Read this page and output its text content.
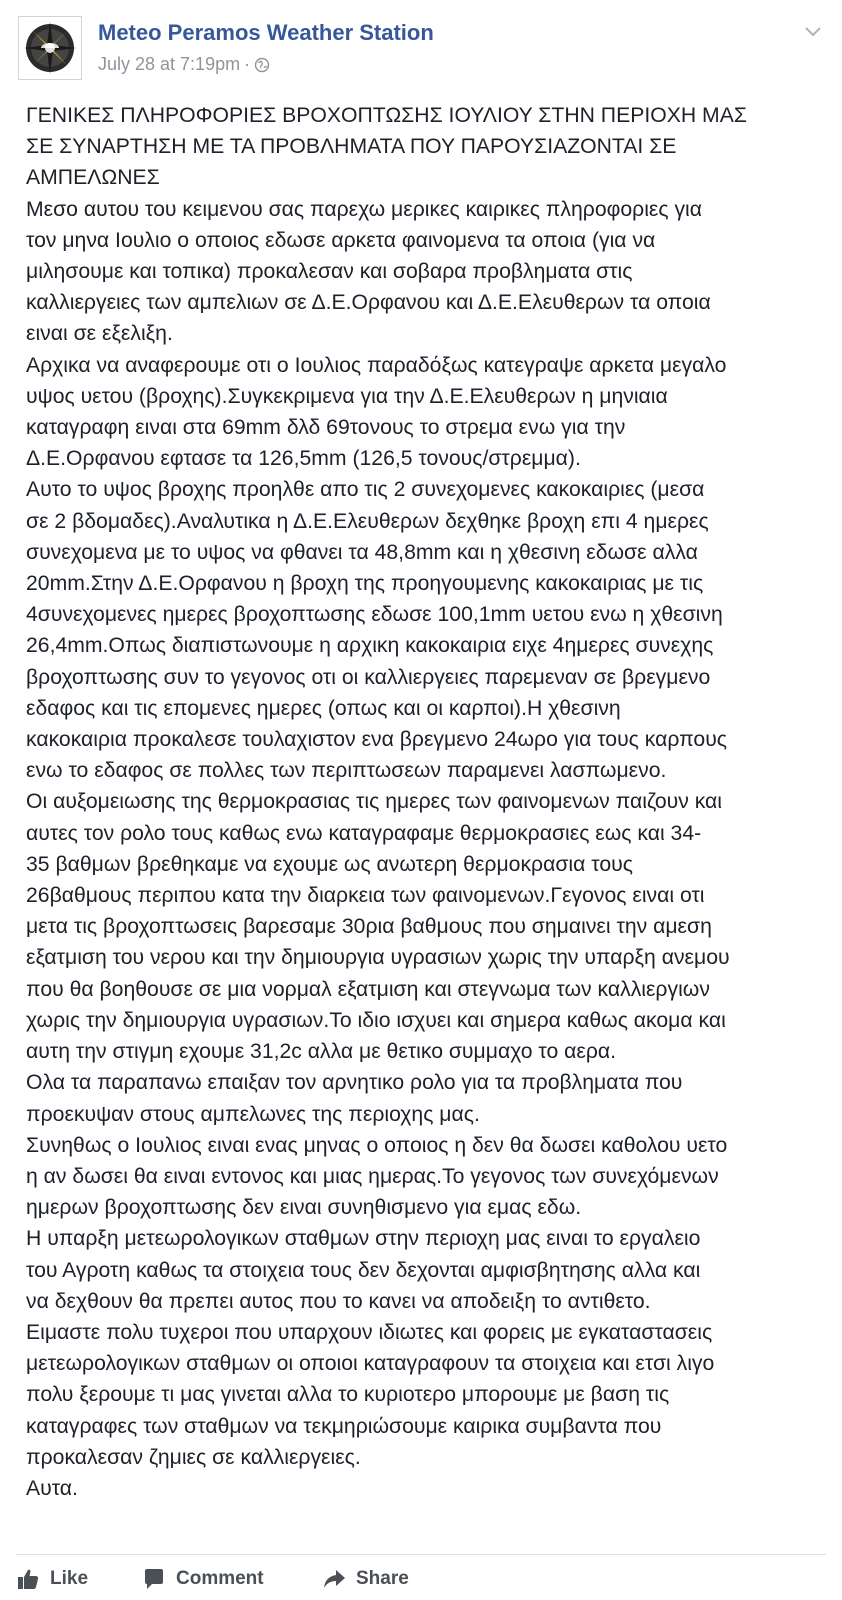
Meteo Peramos Weather Station
July 28 at 7:19pm ·

ΓΕΝΙΚΕΣ ΠΛΗΡΟΦΟΡΙΕΣ ΒΡΟΧΟΠΤΩΣΗΣ ΙΟΥΛΙΟΥ ΣΤΗΝ ΠΕΡΙΟΧΗ ΜΑΣ

ΣΕ ΣΥΝΑΡΤΗΣΗ ΜΕ ΤΑ ΠΡΟΒΛΗΜΑΤΑ ΠΟΥ ΠΑΡΟΥΣΙΑΖΟΝΤΑΙ ΣΕ

ΑΜΠΕΛΩΝΕΣ

Μεσο αυτου του κειμενου σας παρεχω μερικες καιρικες πληροφοριες για

τον μηνα Ιουλιο ο οποιος εδωσε αρκετα φαινομενα τα οποια (για να

μιλησουμε και τοπικα) προκαλεσαν και σοβαρα προβληματα στις

καλλιεργειες των αμπελιων σε Δ.Ε.Ορφανου και Δ.Ε.Ελευθερων τα οποια

ειναι σε εξελιξη.

Αρχικα να αναφερουμε οτι ο Ιουλιος παραδόξως κατεγραψε αρκετα μεγαλο

υψος υετου (βροχης).Συγκεκριμενα για την Δ.Ε.Ελευθερων η μηνιαια

καταγραφη ειναι στα 69mm δλδ 69τονους το στρεμα ενω για την

Δ.Ε.Ορφανου εφτασε τα 126,5mm (126,5 τονους/στρεμμα).

Αυτο το υψος βροχης προηλθε απο τις 2 συνεχομενες κακοκαιριες (μεσα

σε 2 βδομαδες).Αναλυτικα η Δ.Ε.Ελευθερων δεχθηκε βροχη επι 4 ημερες

συνεχομενα με το υψος να φθανει τα 48,8mm και η χθεσινη εδωσε αλλα

20mm.Στην Δ.Ε.Ορφανου η βροχη της προηγουμενης κακοκαιριας με τις

4συνεχομενες ημερες βροχοπτωσης εδωσε 100,1mm υετου ενω η χθεσινη

26,4mm.Οπως διαπιστωνουμε η αρχικη κακοκαιρια ειχε 4ημερες συνεχης

βροχοπτωσης συν το γεγονος οτι οι καλλιεργειες παρεμεναν σε βρεγμενο

εδαφος και τις επομενες ημερες (οπως και οι καρποι).Η χθεσινη

κακοκαιρια προκαλεσε τουλαχιστον ενα βρεγμενο 24ωρο για τους καρπους

ενω το εδαφος σε πολλες των περιπτωσεων παραμενει λασπωμενο.

Οι αυξομειωσης της θερμοκρασιας τις ημερες των φαινομενων παιζουν και

αυτες τον ρολο τους καθως ενω καταγραφαμε θερμοκρασιες εως και 34-

35 βαθμων βρεθηκαμε να εχουμε ως ανωτερη θερμοκρασια τους

26βαθμους περιπου κατα την διαρκεια των φαινομενων.Γεγονος ειναι οτι

μετα τις βροχοπτωσεις βαρεσαμε 30ρια βαθμους που σημαινει την αμεση

εξατμιση του νερου και την δημιουργια υγρασιων χωρις την υπαρξη ανεμου

που θα βοηθουσε σε μια νορμαλ εξατμιση και στεγνωμα των καλλιεργιων

χωρις την δημιουργια υγρασιων.Το ιδιο ισχυει και σημερα καθως ακομα και

αυτη την στιγμη εχουμε 31,2c αλλα με θετικο συμμαχο το αερα.

Ολα τα παραπανω επαιξαν τον αρνητικο ρολο για τα προβληματα που

προεκυψαν στους αμπελωνες της περιοχης μας.

Συνηθως ο Ιουλιος ειναι ενας μηνας ο οποιος η δεν θα δωσει καθολου υετο

η αν δωσει θα ειναι εντονος και μιας ημερας.Το γεγονος των συνεχόμενων

ημερων βροχοπτωσης δεν ειναι συνηθισμενο για εμας εδω.

Η υπαρξη μετεωρολογικων σταθμων στην περιοχη μας ειναι το εργαλειο

του Αγροτη καθως τα στοιχεια τους δεν δεχονται αμφισβητησης αλλα και

να δεχθουν θα πρεπει αυτος που το κανει να αποδειξη το αντιθετο.

Ειμαστε πολυ τυχεροι που υπαρχουν ιδιωτες και φορεις με εγκαταστασεις

μετεωρολογικων σταθμων οι οποιοι καταγραφουν τα στοιχεια και ετσι λιγο

πολυ ξερουμε τι μας γινεται αλλα το κυριοτερο μπορουμε με βαση τις

καταγραφες των σταθμων να τεκμηριώσουμε καιρικα συμβαντα που

προκαλεσαν ζημιες σε καλλιεργειες.

Αυτα.

Like	Comment	Share
